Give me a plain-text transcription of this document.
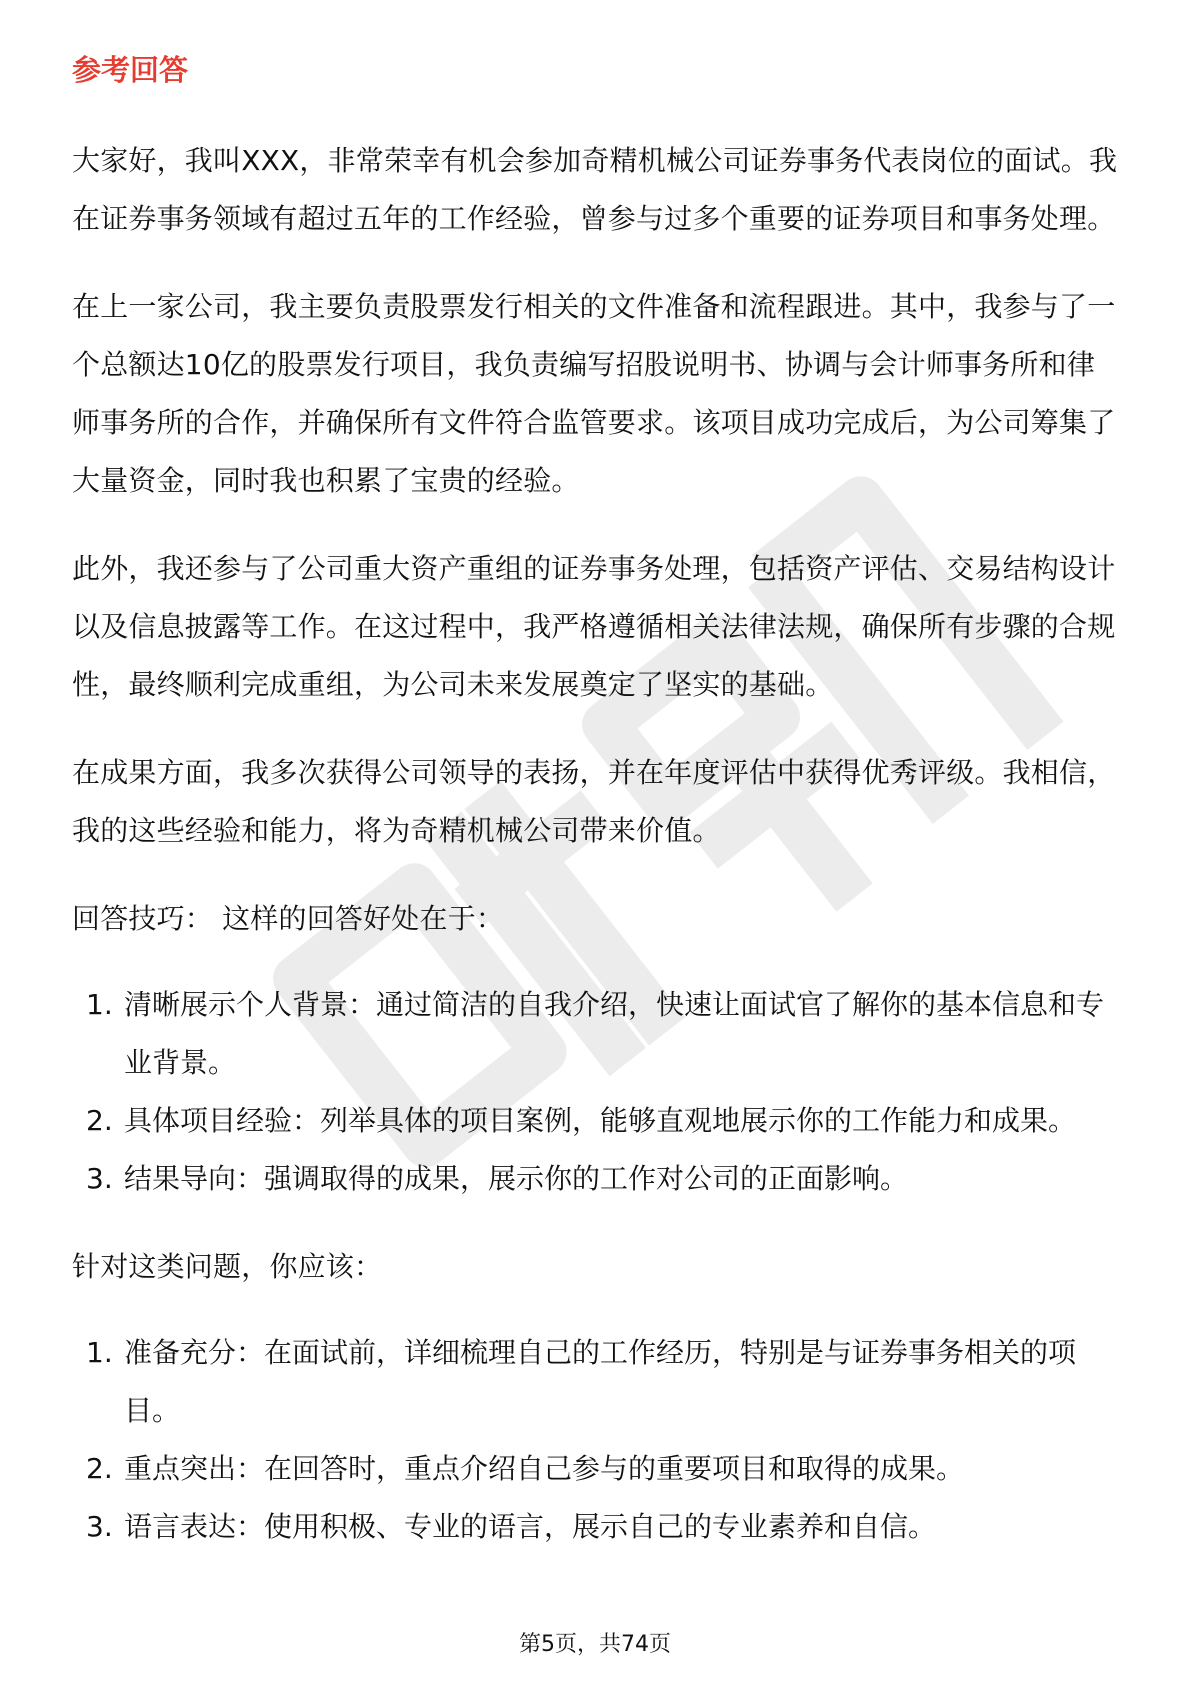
参考回答

大家好，我叫XXX，非常荣幸有机会参加奇精机械公司证券事务代表岗位的面试。我在证券事务领域有超过五年的工作经验，曾参与过多个重要的证券项目和事务处理。

在上一家公司，我主要负责股票发行相关的文件准备和流程跟进。其中，我参与了一个总额达10亿的股票发行项目，我负责编写招股说明书、协调与会计师事务所和律师事务所的合作，并确保所有文件符合监管要求。该项目成功完成后，为公司筹集了大量资金，同时我也积累了宝贵的经验。

此外，我还参与了公司重大资产重组的证券事务处理，包括资产评估、交易结构设计以及信息披露等工作。在这过程中，我严格遵循相关法律法规，确保所有步骤的合规性，最终顺利完成重组，为公司未来发展奠定了坚实的基础。

在成果方面，我多次获得公司领导的表扬，并在年度评估中获得优秀评级。我相信，我的这些经验和能力，将为奇精机械公司带来价值。

回答技巧： 这样的回答好处在于：

1. 清晰展示个人背景：通过简洁的自我介绍，快速让面试官了解你的基本信息和专业背景。
2. 具体项目经验：列举具体的项目案例，能够直观地展示你的工作能力和成果。
3. 结果导向：强调取得的成果，展示你的工作对公司的正面影响。

针对这类问题，你应该：

1. 准备充分：在面试前，详细梳理自己的工作经历，特别是与证券事务相关的项目。
2. 重点突出：在回答时，重点介绍自己参与的重要项目和取得的成果。
3. 语言表达：使用积极、专业的语言，展示自己的专业素养和自信。
第5页，共74页
